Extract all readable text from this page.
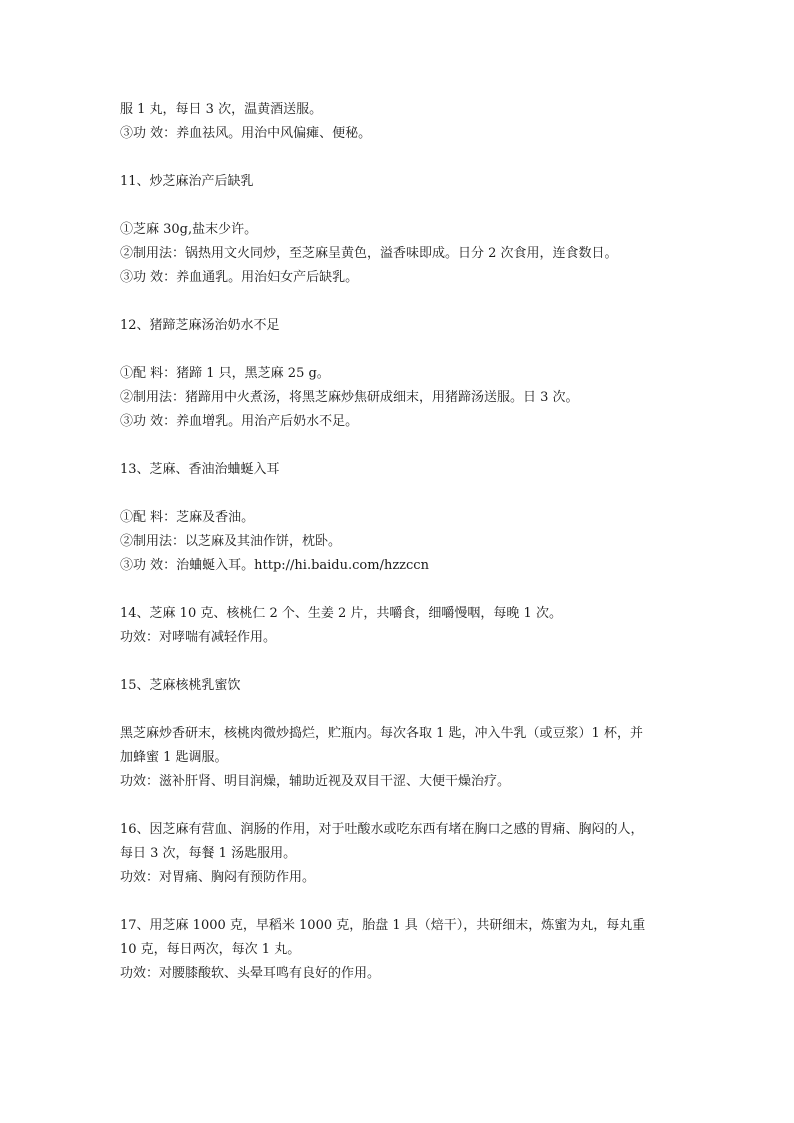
服 1 丸，每日 3 次，温黄酒送服。
③功 效：养血祛风。用治中风偏瘫、便秘。
11、炒芝麻治产后缺乳
①芝麻 30g,盐末少许。
②制用法：锅热用文火同炒，至芝麻呈黄色，溢香味即成。日分 2 次食用，连食数日。
③功 效：养血通乳。用治妇女产后缺乳。
12、猪蹄芝麻汤治奶水不足
①配 料：猪蹄 1 只，黑芝麻 25 g。
②制用法：猪蹄用中火煮汤，将黑芝麻炒焦研成细末，用猪蹄汤送服。日 3 次。
③功 效：养血增乳。用治产后奶水不足。
13、芝麻、香油治蛐蜒入耳
①配 料：芝麻及香油。
②制用法：以芝麻及其油作饼，枕卧。
③功 效：治蛐蜒入耳。http://hi.baidu.com/hzzccn
14、芝麻 10 克、核桃仁 2 个、生姜 2 片，共嚼食，细嚼慢咽，每晚 1 次。
功效：对哮喘有减轻作用。
15、芝麻核桃乳蜜饮
黑芝麻炒香研末，核桃肉微炒捣烂，贮瓶内。每次各取 1 匙，冲入牛乳（或豆浆）1 杯，并
加蜂蜜 1 匙调服。
功效：滋补肝肾、明目润燥，辅助近视及双目干涩、大便干燥治疗。
16、因芝麻有营血、润肠的作用，对于吐酸水或吃东西有堵在胸口之感的胃痛、胸闷的人，
每日 3 次，每餐 1 汤匙服用。
功效：对胃痛、胸闷有预防作用。
17、用芝麻 1000 克，早稻米 1000 克，胎盘 1 具（焙干），共研细末，炼蜜为丸，每丸重
10 克，每日两次，每次 1 丸。
功效：对腰膝酸软、头晕耳鸣有良好的作用。
